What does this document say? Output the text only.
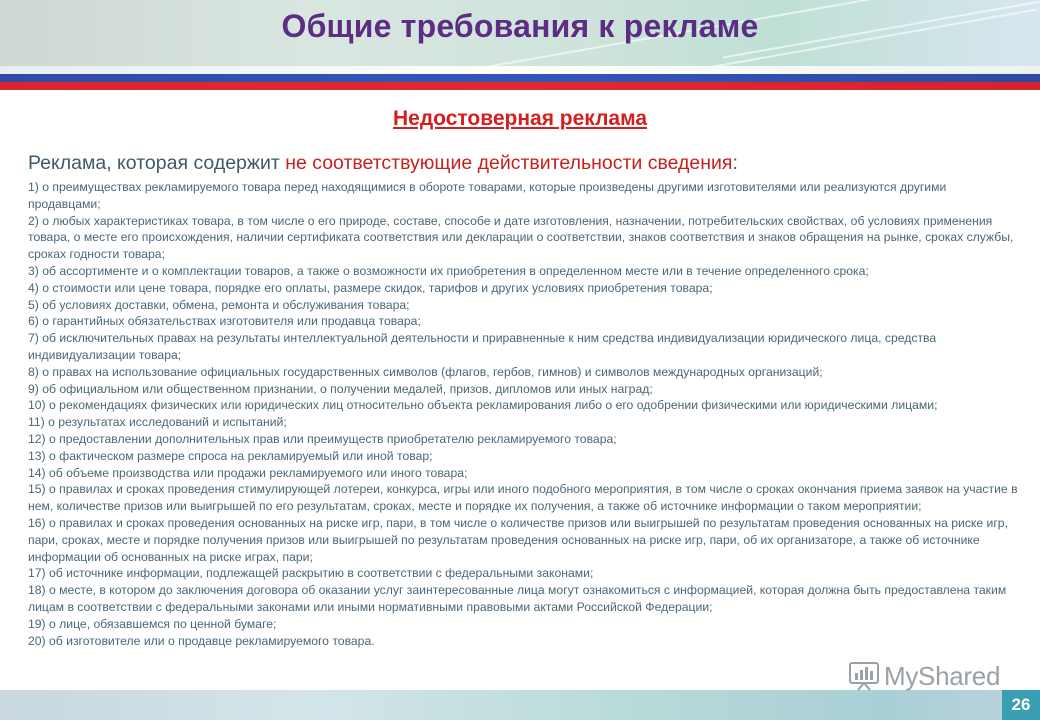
Общие требования к рекламе
Недостоверная реклама
Реклама, которая содержит не соответствующие действительности сведения:

1) о преимуществах рекламируемого товара перед находящимися в обороте товарами, которые произведены другими изготовителями или реализуются другими продавцами;

2) о любых характеристиках товара, в том числе о его природе, составе, способе и дате изготовления, назначении, потребительских свойствах, об условиях применения товара, о месте его происхождения, наличии сертификата соответствия или декларации о соответствии, знаков соответствия и знаков обращения на рынке, сроках службы, сроках годности товара;

3) об ассортименте и о комплектации товаров, а также о возможности их приобретения в определенном месте или в течение определенного срока;

4) о стоимости или цене товара, порядке его оплаты, размере скидок, тарифов и других условиях приобретения товара;

5) об условиях доставки, обмена, ремонта и обслуживания товара;

6) о гарантийных обязательствах изготовителя или продавца товара;

7) об исключительных правах на результаты интеллектуальной деятельности и приравненные к ним средства индивидуализации юридического лица, средства индивидуализации товара;

8) о правах на использование официальных государственных символов (флагов, гербов, гимнов) и символов международных организаций;

9) об официальном или общественном признании, о получении медалей, призов, дипломов или иных наград;

10) о рекомендациях физических или юридических лиц относительно объекта рекламирования либо о его одобрении физическими или юридическими лицами;

11) о результатах исследований и испытаний;

12) о предоставлении дополнительных прав или преимуществ приобретателю рекламируемого товара;

13) о фактическом размере спроса на рекламируемый или иной товар;

14) об объеме производства или продажи рекламируемого или иного товара;

15) о правилах и сроках проведения стимулирующей лотереи, конкурса, игры или иного подобного мероприятия, в том числе о сроках окончания приема заявок на участие в нем, количестве призов или выигрышей по его результатам, сроках, месте и порядке их получения, а также об источнике информации о таком мероприятии;

16) о правилах и сроках проведения основанных на риске игр, пари, в том числе о количестве призов или выигрышей по результатам проведения основанных на риске игр, пари, сроках, месте и порядке получения призов или выигрышей по результатам проведения основанных на риске игр, пари, об их организаторе, а также об источнике информации об основанных на риске играх, пари;

17) об источнике информации, подлежащей раскрытию в соответствии с федеральными законами;

18) о месте, в котором до заключения договора об оказании услуг заинтересованные лица могут ознакомиться с информацией, которая должна быть предоставлена таким лицам в соответствии с федеральными законами или иными нормативными правовыми актами Российской Федерации;

19) о лице, обязавшемся по ценной бумаге;

20) об изготовителе или о продавце рекламируемого товара.

MyShared
26
